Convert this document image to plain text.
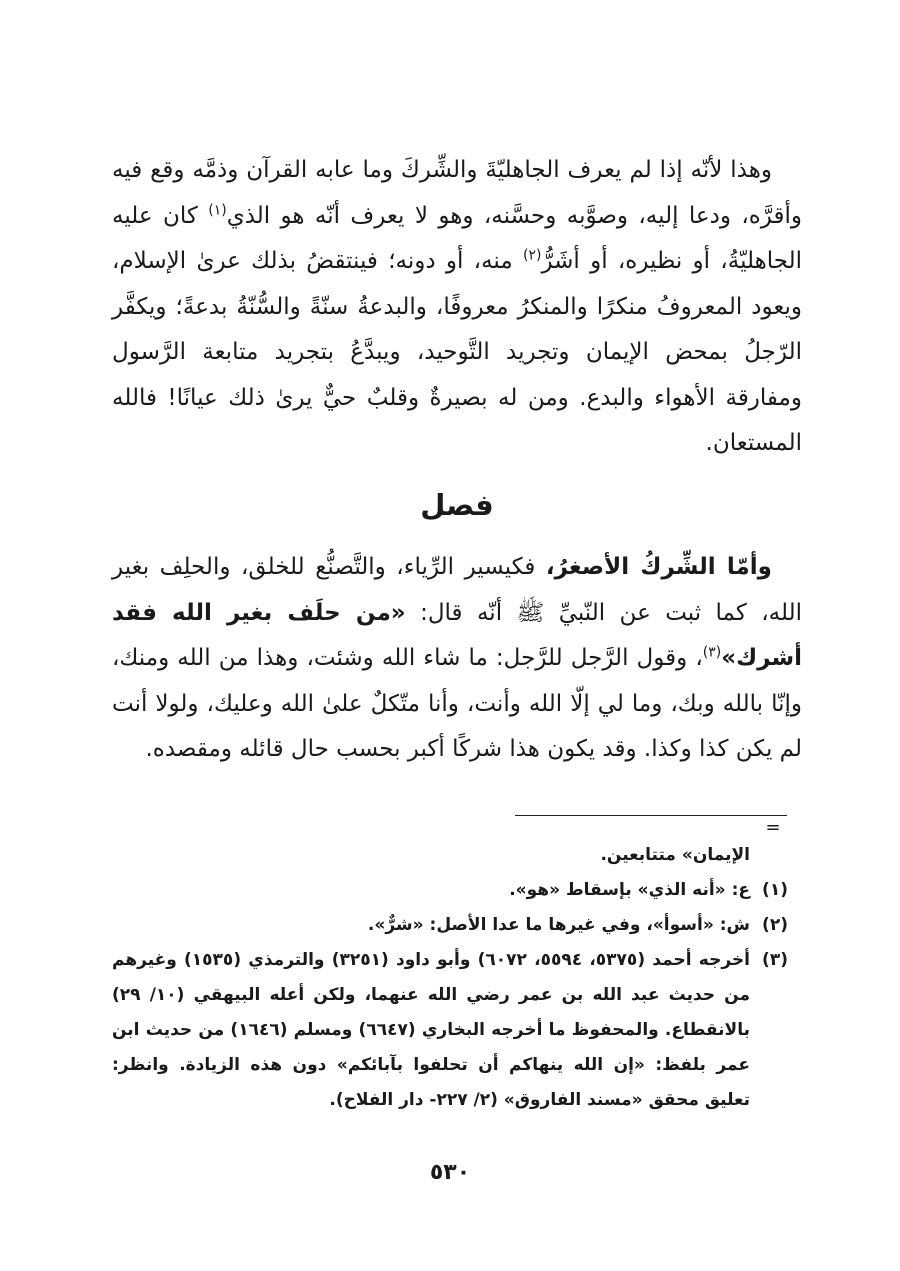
وهذا لأنّه إذا لم يعرف الجاهليّةَ والشِّركَ وما عابه القرآن وذمَّه وقع فيه وأقرَّه، ودعا إليه، وصوَّبه وحسَّنه، وهو لا يعرف أنّه هو الذي$^{(١)}$ كان عليه الجاهليّةُ، أو نظيره، أو أشَرُّ$^{(٢)}$ منه، أو دونه؛ فينتقضُ بذلك عرىٰ الإسلام، ويعود المعروفُ منكرًا والمنكرُ معروفًا، والبدعةُ سنّةً والسُّنّةُ بدعةً؛ ويكفَّر الرّجلُ بمحض الإيمان وتجريد التَّوحيد، ويبدَّعُ بتجريد متابعة الرَّسول ومفارقة الأهواء والبدع. ومن له بصيرةٌ وقلبٌ حيٌّ يرىٰ ذلك عيانًا! فالله المستعان.

فصل

وأمّا الشِّركُ الأصغرُ، فكيسير الرِّياء، والتَّصنُّع للخلق، والحلِف بغير الله، كما ثبت عن النّبيِّ ﷺ أنّه قال: «من حلَف بغير الله فقد أشرك»$^{(٣)}$، وقول الرَّجل للرَّجل: ما شاء الله وشئت، وهذا من الله ومنك، وإنّا بالله وبك، وما لي إلّا الله وأنت، وأنا متّكلٌ علىٰ الله وعليك، ولولا أنت لم يكن كذا وكذا. وقد يكون هذا شركًا أكبر بحسب حال قائله ومقصده.

=
الإيمان» متتابعين.
(١)
ع: «أنه الذي» بإسقاط «هو».
(٢)
ش: «أسوأ»، وفي غيرها ما عدا الأصل: «شرٌّ».
(٣)
أخرجه أحمد (٥٣٧٥، ٥٥٩٤، ٦٠٧٢) وأبو داود (٣٢٥١) والترمذي (١٥٣٥) وغيرهم من حديث عبد الله بن عمر رضي الله عنهما، ولكن أعله البيهقي (١٠/ ٢٩) بالانقطاع. والمحفوظ ما أخرجه البخاري (٦٦٤٧) ومسلم (١٦٤٦) من حديث ابن عمر بلفظ: «إن الله ينهاكم أن تحلفوا بآبائكم» دون هذه الزيادة. وانظر: تعليق محقق «مسند الفاروق» (٢/ ٢٢٧- دار الفلاح).
٥٣٠
